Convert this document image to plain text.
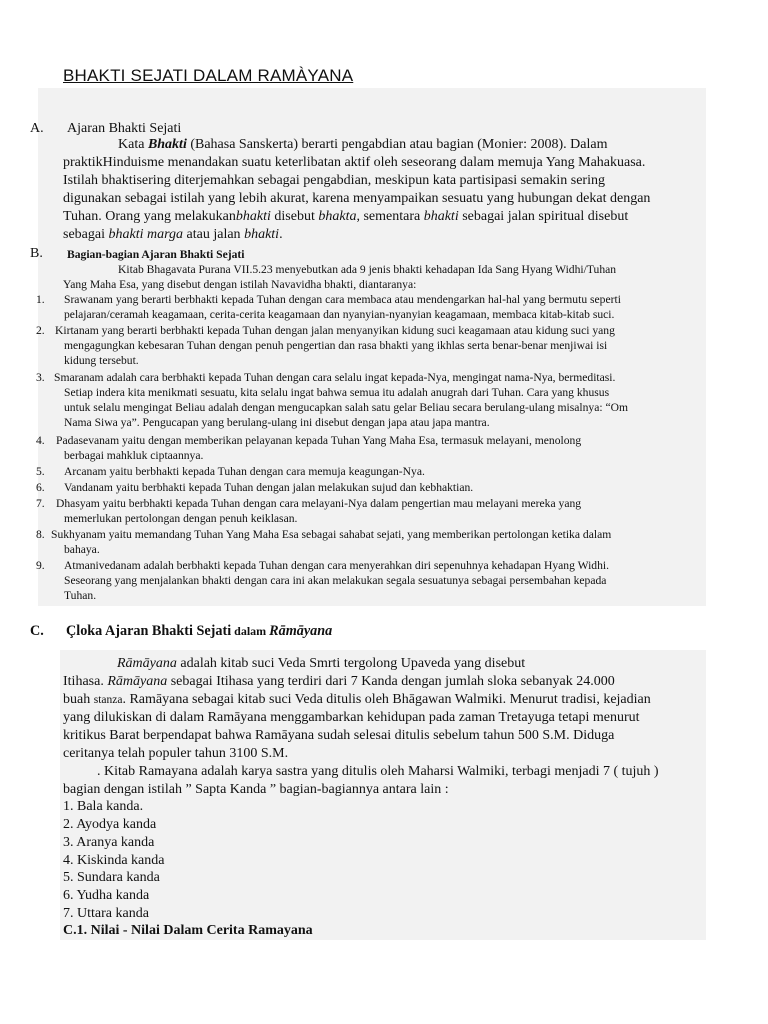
BHAKTI SEJATI DALAM RAMÀYANA
A. Ajaran Bhakti Sejati
Kata Bhakti (Bahasa Sanskerta) berarti pengabdian atau bagian (Monier: 2008). Dalam
praktikHinduisme menandakan suatu keterlibatan aktif oleh seseorang dalam memuja Yang Mahakuasa.
Istilah bhaktisering diterjemahkan sebagai pengabdian, meskipun kata partisipasi semakin sering
digunakan sebagai istilah yang lebih akurat, karena menyampaikan sesuatu yang hubungan dekat dengan
Tuhan. Orang yang melakukanbhakti disebut bhakta, sementara bhakti sebagai jalan spiritual disebut
sebagai bhakti marga atau jalan bhakti.
B. Bagian-bagian Ajaran Bhakti Sejati
Kitab Bhagavata Purana VII.5.23 menyebutkan ada 9 jenis bhakti kehadapan Ida Sang Hyang Widhi/Tuhan
Yang Maha Esa, yang disebut dengan istilah Navavidha bhakti, diantaranya:
1. Srawanam yang berarti berbhakti kepada Tuhan dengan cara membaca atau mendengarkan hal-hal yang bermutu seperti
pelajaran/ceramah keagamaan, cerita-cerita keagamaan dan nyanyian-nyanyian keagamaan, membaca kitab-kitab suci.
2. Kirtanam yang berarti berbhakti kepada Tuhan dengan jalan menyanyikan kidung suci keagamaan atau kidung suci yang
mengagungkan kebesaran Tuhan dengan penuh pengertian dan rasa bhakti yang ikhlas serta benar-benar menjiwai isi
kidung tersebut.
3. Smaranam adalah cara berbhakti kepada Tuhan dengan cara selalu ingat kepada-Nya, mengingat nama-Nya, bermeditasi.
Setiap indera kita menikmati sesuatu, kita selalu ingat bahwa semua itu adalah anugrah dari Tuhan. Cara yang khusus
untuk selalu mengingat Beliau adalah dengan mengucapkan salah satu gelar Beliau secara berulang-ulang misalnya: “Om
Nama Siwa ya”. Pengucapan yang berulang-ulang ini disebut dengan japa atau japa mantra.
4. Padasevanam yaitu dengan memberikan pelayanan kepada Tuhan Yang Maha Esa, termasuk melayani, menolong
berbagai mahkluk ciptaannya.
5. Arcanam yaitu berbhakti kepada Tuhan dengan cara memuja keagungan-Nya.
6. Vandanam yaitu berbhakti kepada Tuhan dengan jalan melakukan sujud dan kebhaktian.
7. Dhasyam yaitu berbhakti kepada Tuhan dengan cara melayani-Nya dalam pengertian mau melayani mereka yang
memerlukan pertolongan dengan penuh keiklasan.
8. Sukhyanam yaitu memandang Tuhan Yang Maha Esa sebagai sahabat sejati, yang memberikan pertolongan ketika dalam
bahaya.
9. Atmanivedanam adalah berbhakti kepada Tuhan dengan cara menyerahkan diri sepenuhnya kehadapan Hyang Widhi.
Seseorang yang menjalankan bhakti dengan cara ini akan melakukan segala sesuatunya sebagai persembahan kepada
Tuhan.
C. Çloka Ajaran Bhakti Sejati dalam Rāmāyana
Rāmāyana adalah kitab suci Veda Smrti tergolong Upaveda yang disebut
Itihasa. Rāmāyana sebagai Itihasa yang terdiri dari 7 Kanda dengan jumlah sloka sebanyak 24.000
buah stanza. Ramāyana sebagai kitab suci Veda ditulis oleh Bhāgawan Walmiki. Menurut tradisi, kejadian
yang dilukiskan di dalam Ramāyana menggambarkan kehidupan pada zaman Tretayuga tetapi menurut
kritikus Barat berpendapat bahwa Ramāyana sudah selesai ditulis sebelum tahun 500 S.M. Diduga
ceritanya telah populer tahun 3100 S.M.
. Kitab Ramayana adalah karya sastra yang ditulis oleh Maharsi Walmiki, terbagi menjadi 7 ( tujuh )
bagian dengan istilah ” Sapta Kanda ” bagian-bagiannya antara lain :
1. Bala kanda.
2. Ayodya kanda
3. Aranya kanda
4. Kiskinda kanda
5. Sundara kanda
6. Yudha kanda
7. Uttara kanda
C.1. Nilai - Nilai Dalam Cerita Ramayana
